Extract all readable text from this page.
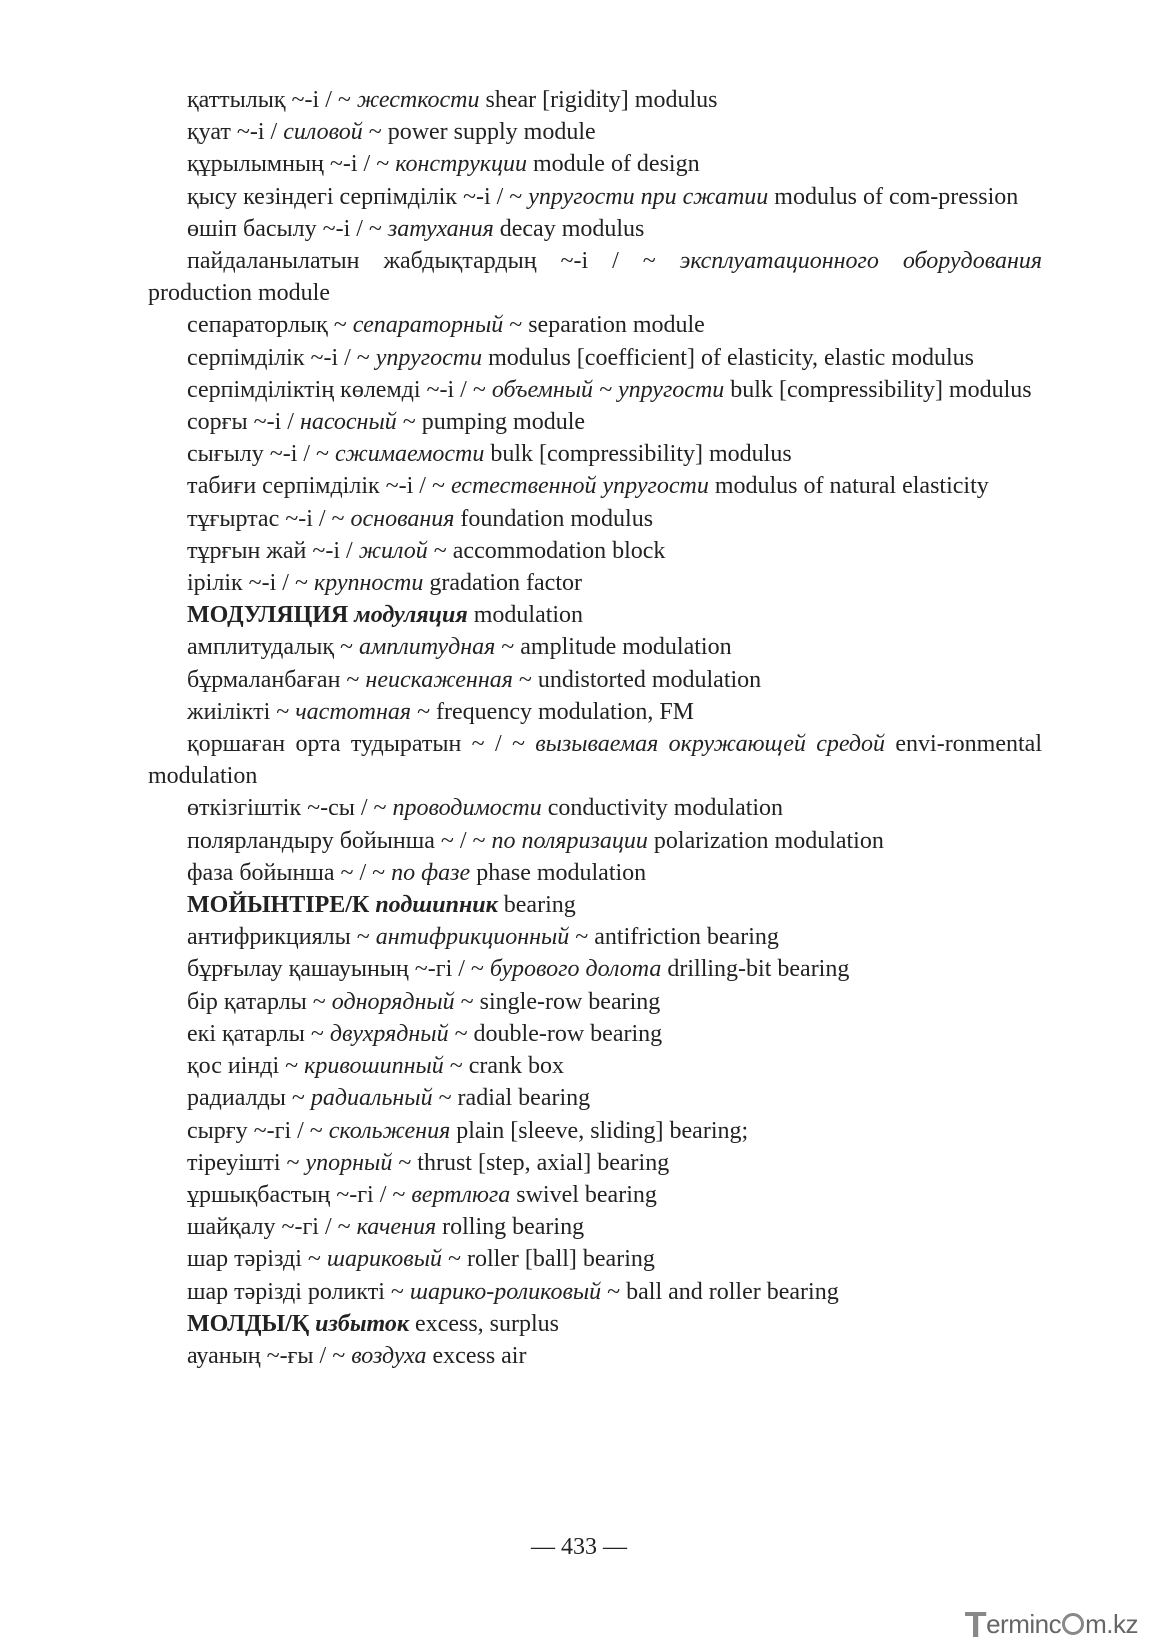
қаттылық ~-і / ~ жесткости shear [rigidity] modulus
қуат ~-і / силовой ~ power supply module
құрылымның ~-і / ~ конструкции module of design
қысу кезіндегі серпімділік ~-і / ~ упругости при сжатии modulus of com-pression
өшіп басылу ~-і / ~ затухания decay modulus
пайдаланылатын жабдықтардың ~-і / ~ эксплуатационного оборудования production module
сепараторлық ~ сепараторный ~ separation module
серпімділік ~-і / ~ упругости modulus [coefficient] of elasticity, elastic modulus
серпімділіктің көлемді ~-і / ~ объемный ~ упругости bulk [compressibility] modulus
сорғы ~-і / насосный ~ pumping module
сығылу ~-і / ~ сжимаемости bulk [compressibility] modulus
табиғи серпімділік ~-і / ~ естественной упругости modulus of natural elasticity
тұғыртас ~-і / ~ основания foundation modulus
тұрғын жай ~-і / жилой ~ accommodation block
ірілік ~-і / ~ крупности gradation factor
МОДУЛЯЦИЯ модуляция modulation
амплитудалық ~ амплитудная ~ amplitude modulation
бұрмаланбаған ~ неискаженная ~ undistorted modulation
жиілікті ~ частотная ~ frequency modulation, FM
қоршаған орта тудыратын ~ / ~ вызываемая окружающей средой envi-ronmental modulation
өткізгіштік ~-сы / ~ проводимости conductivity modulation
полярландыру бойынша ~ / ~ по поляризации polarization modulation
фаза бойынша ~ / ~ по фазе phase modulation
МОЙЫНТІРЕ/К подшипник bearing
антифрикциялы ~ антифрикционный ~ antifriction bearing
бұрғылау қашауының ~-гі / ~ бурового долота drilling-bit bearing
бір қатарлы ~ однорядный ~ single-row bearing
екі қатарлы ~ двухрядный ~ double-row bearing
қос иінді ~ кривошипный ~ crank box
радиалды ~ радиальный ~ radial bearing
сырғу ~-гі / ~ скольжения plain [sleeve, sliding] bearing;
тіреуішті ~ упорный ~ thrust [step, axial] bearing
ұршықбастың ~-гі / ~ вертлюга swivel bearing
шайқалу ~-гі / ~ качения rolling bearing
шар тәрізді ~ шариковый ~ roller [ball] bearing
шар тәрізді роликті ~ шарико-роликовый ~ ball and roller bearing
МОЛДЫ/Қ избыток excess, surplus
ауаның ~-ғы / ~ воздуха excess air
— 433 —
Terminc m.kz
